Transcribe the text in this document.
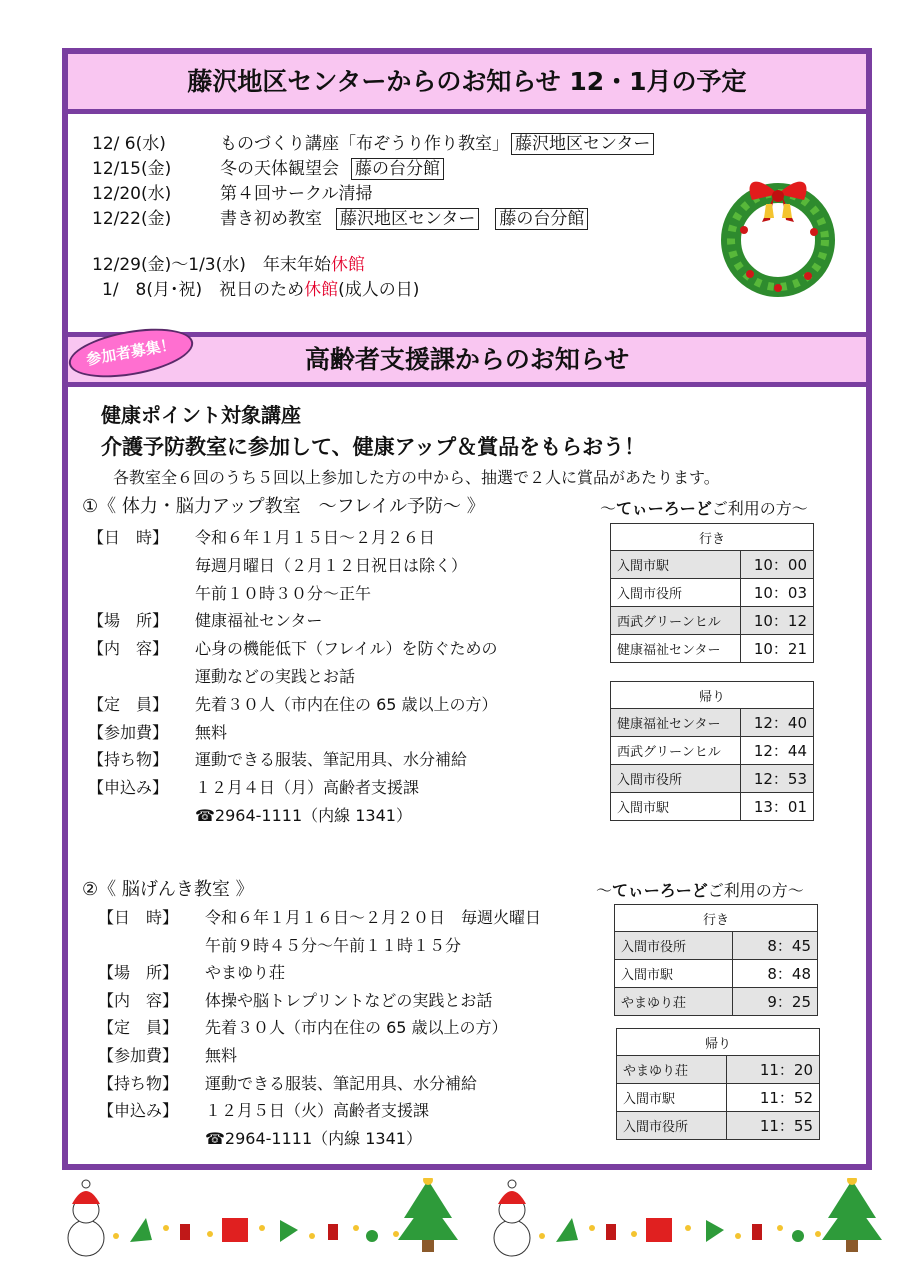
藤沢地区センターからのお知らせ 12・1月の予定
12/ 6(水)	ものづくり講座「布ぞうり作り教室」 藤沢地区センター
12/15(金)	冬の天体観望会 藤の台分館
12/20(水)	第４回サークル清掃
12/22(金)	書き初め教室 藤沢地区センター 藤の台分館
12/29(金)～1/3(水)　年末年始休館
1/　8(月･祝)　祝日のため休館(成人の日)
高齢者支援課からのお知らせ
健康ポイント対象講座
介護予防教室に参加して、健康アップ＆賞品をもらおう！
各教室全６回のうち５回以上参加した方の中から、抽選で２人に賞品があたります。
①《 体力・脳力アップ教室　～フレイル予防～ 》	～てぃーろーどご利用の方～
【日　時】 令和６年１月１５日～２月２６日
毎週月曜日（２月１２日祝日は除く）
午前１０時３０分～正午
【場　所】 健康福祉センター
【内　容】 心身の機能低下（フレイル）を防ぐための
運動などの実践とお話
【定　員】 先着３０人（市内在住の 65 歳以上の方）
【参加費】 無料
【持ち物】 運動できる服装、筆記用具、水分補給
【申込み】 １２月４日（月）高齢者支援課
☎2964-1111（内線 1341）
行き	
入間市駅	10：00
入間市役所	10：03
西武グリーンヒル	10：12
健康福祉センター	10：21
帰り	
健康福祉センター	12：40
西武グリーンヒル	12：44
入間市役所	12：53
入間市駅	13：01
②《 脳げんき教室 》	～てぃーろーどご利用の方～
【日　時】 令和６年１月１６日～２月２０日　毎週火曜日
午前９時４５分～午前１１時１５分
【場　所】 やまゆり荘
【内　容】 体操や脳トレプリントなどの実践とお話
【定　員】 先着３０人（市内在住の 65 歳以上の方）
【参加費】 無料
【持ち物】 運動できる服装、筆記用具、水分補給
【申込み】 １２月５日（火）高齢者支援課
☎2964-1111（内線 1341）
行き	
入間市役所	8：45
入間市駅	8：48
やまゆり荘	9：25
帰り	
やまゆり荘	11：20
入間市駅	11：52
入間市役所	11：55
参加者募集！
